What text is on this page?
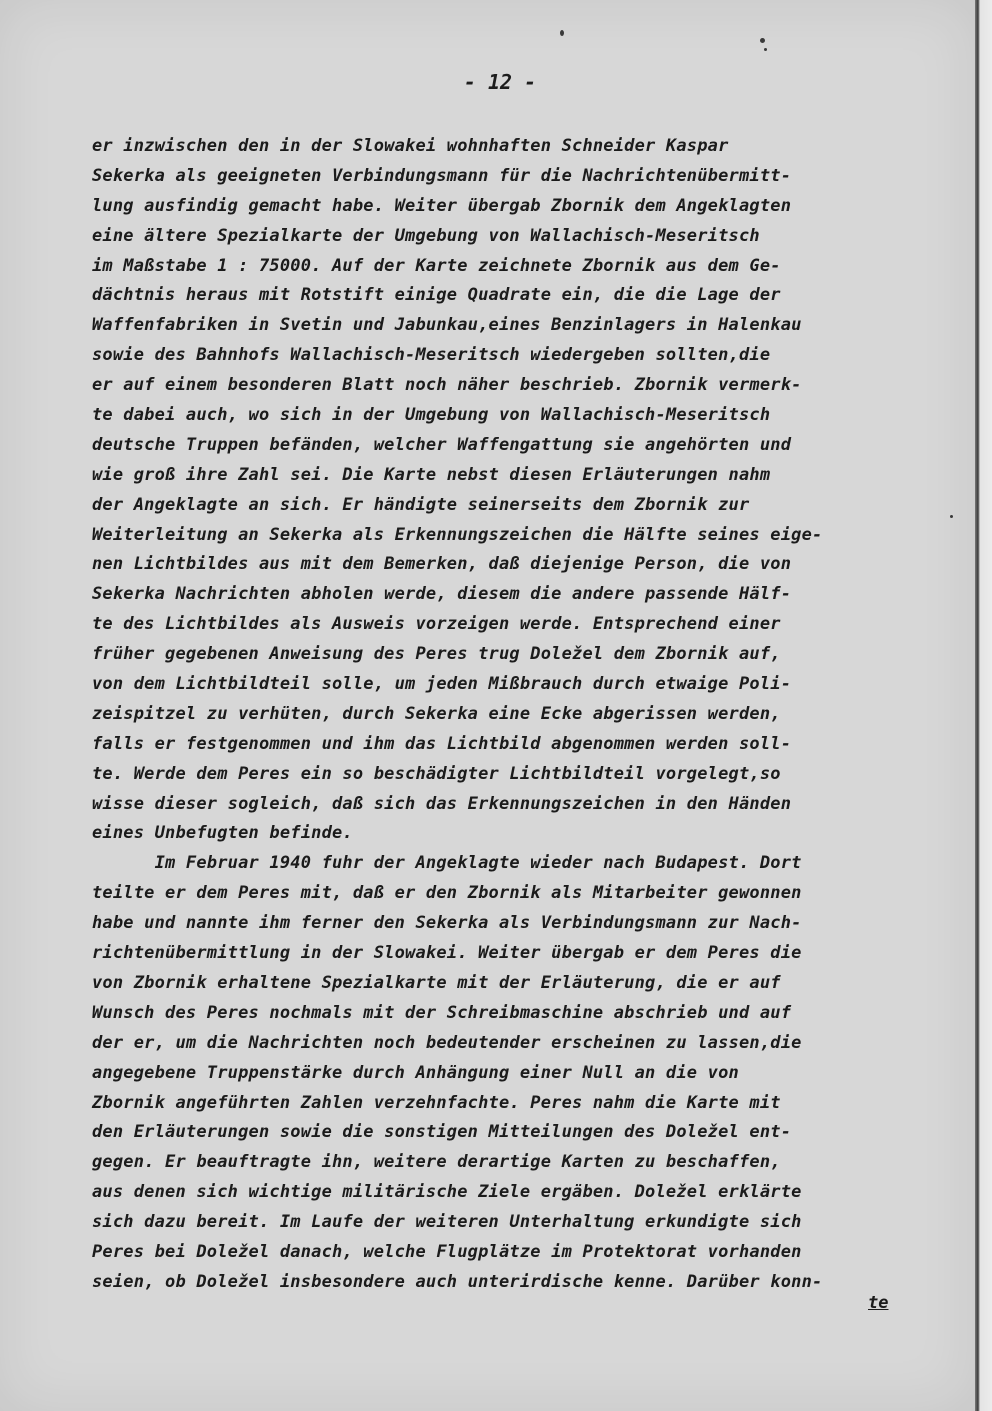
- 12 -
er inzwischen den in der Slowakei wohnhaften Schneider Kaspar
Sekerka als geeigneten Verbindungsmann für die Nachrichtenübermitt-
lung ausfindig gemacht habe. Weiter übergab Zbornik dem Angeklagten
eine ältere Spezialkarte der Umgebung von Wallachisch-Meseritsch
im Maßstabe 1 : 75000. Auf der Karte zeichnete Zbornik aus dem Ge-
dächtnis heraus mit Rotstift einige Quadrate ein, die die Lage der
Waffenfabriken in Svetin und Jabunkau,eines Benzinlagers in Halenkau
sowie des Bahnhofs Wallachisch-Meseritsch wiedergeben sollten,die
er auf einem besonderen Blatt noch näher beschrieb. Zbornik vermerk-
te dabei auch, wo sich in der Umgebung von Wallachisch-Meseritsch
deutsche Truppen befänden, welcher Waffengattung sie angehörten und
wie groß ihre Zahl sei. Die Karte nebst diesen Erläuterungen nahm
der Angeklagte an sich. Er händigte seinerseits dem Zbornik zur
Weiterleitung an Sekerka als Erkennungszeichen die Hälfte seines eige-
nen Lichtbildes aus mit dem Bemerken, daß diejenige Person, die von
Sekerka Nachrichten abholen werde, diesem die andere passende Hälf-
te des Lichtbildes als Ausweis vorzeigen werde. Entsprechend einer
früher gegebenen Anweisung des Peres trug Doležel dem Zbornik auf,
von dem Lichtbildteil solle, um jeden Mißbrauch durch etwaige Poli-
zeispitzel zu verhüten, durch Sekerka eine Ecke abgerissen werden,
falls er festgenommen und ihm das Lichtbild abgenommen werden soll-
te. Werde dem Peres ein so beschädigter Lichtbildteil vorgelegt,so
wisse dieser sogleich, daß sich das Erkennungszeichen in den Händen
eines Unbefugten befinde.
Im Februar 1940 fuhr der Angeklagte wieder nach Budapest. Dort
teilte er dem Peres mit, daß er den Zbornik als Mitarbeiter gewonnen
habe und nannte ihm ferner den Sekerka als Verbindungsmann zur Nach-
richtenübermittlung in der Slowakei. Weiter übergab er dem Peres die
von Zbornik erhaltene Spezialkarte mit der Erläuterung, die er auf
Wunsch des Peres nochmals mit der Schreibmaschine abschrieb und auf
der er, um die Nachrichten noch bedeutender erscheinen zu lassen,die
angegebene Truppenstärke durch Anhängung einer Null an die von
Zbornik angeführten Zahlen verzehnfachte. Peres nahm die Karte mit
den Erläuterungen sowie die sonstigen Mitteilungen des Doležel ent-
gegen. Er beauftragte ihn, weitere derartige Karten zu beschaffen,
aus denen sich wichtige militärische Ziele ergäben. Doležel erklärte
sich dazu bereit. Im Laufe der weiteren Unterhaltung erkundigte sich
Peres bei Doležel danach, welche Flugplätze im Protektorat vorhanden
seien, ob Doležel insbesondere auch unterirdische kenne. Darüber konn-
te
